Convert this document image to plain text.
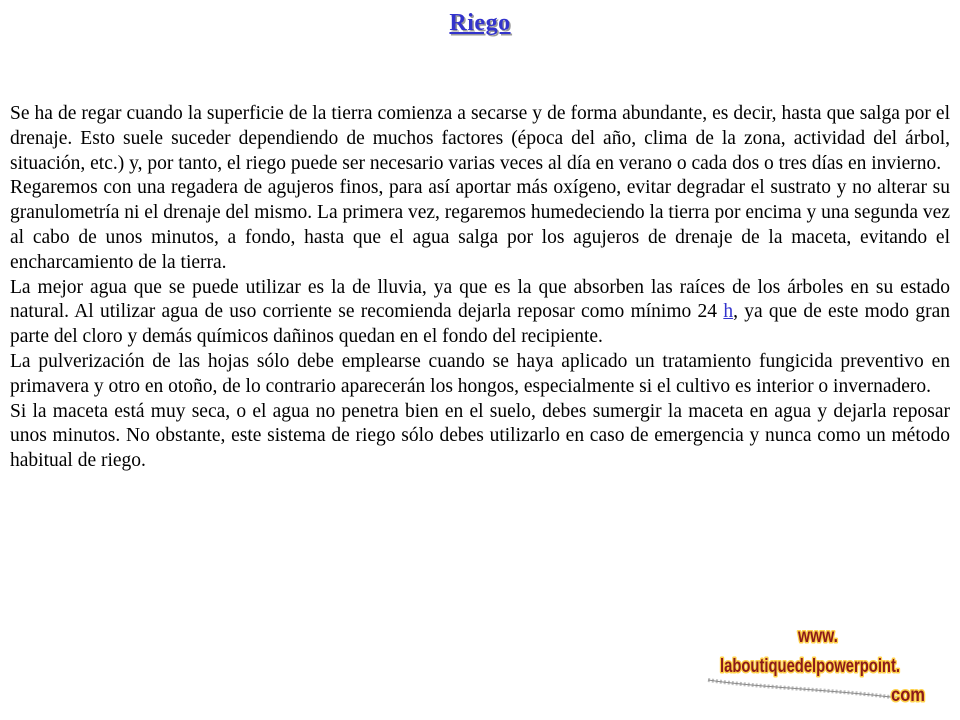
Riego

Se ha de regar cuando la superficie de la tierra comienza a secarse y de forma abundante, es decir, hasta que salga por el drenaje. Esto suele suceder dependiendo de muchos factores (época del año, clima de la zona, actividad del árbol, situación, etc.) y, por tanto, el riego puede ser necesario varias veces al día en verano o cada dos o tres días en invierno.

Regaremos con una regadera de agujeros finos, para así aportar más oxígeno, evitar degradar el sustrato y no alterar su granulometría ni el drenaje del mismo. La primera vez, regaremos humedeciendo la tierra por encima y una segunda vez al cabo de unos minutos, a fondo, hasta que el agua salga por los agujeros de drenaje de la maceta, evitando el encharcamiento de la tierra.

La mejor agua que se puede utilizar es la de lluvia, ya que es la que absorben las raíces de los árboles en su estado natural. Al utilizar agua de uso corriente se recomienda dejarla reposar como mínimo 24 h, ya que de este modo gran parte del cloro y demás químicos dañinos quedan en el fondo del recipiente.

La pulverización de las hojas sólo debe emplearse cuando se haya aplicado un tratamiento fungicida preventivo en primavera y otro en otoño, de lo contrario aparecerán los hongos, especialmente si el cultivo es interior o invernadero.

Si la maceta está muy seca, o el agua no penetra bien en el suelo, debes sumergir la maceta en agua y dejarla reposar unos minutos. No obstante, este sistema de riego sólo debes utilizarlo en caso de emergencia y nunca como un método habitual de riego.

www.
laboutiquedelpowerpoint.
com
